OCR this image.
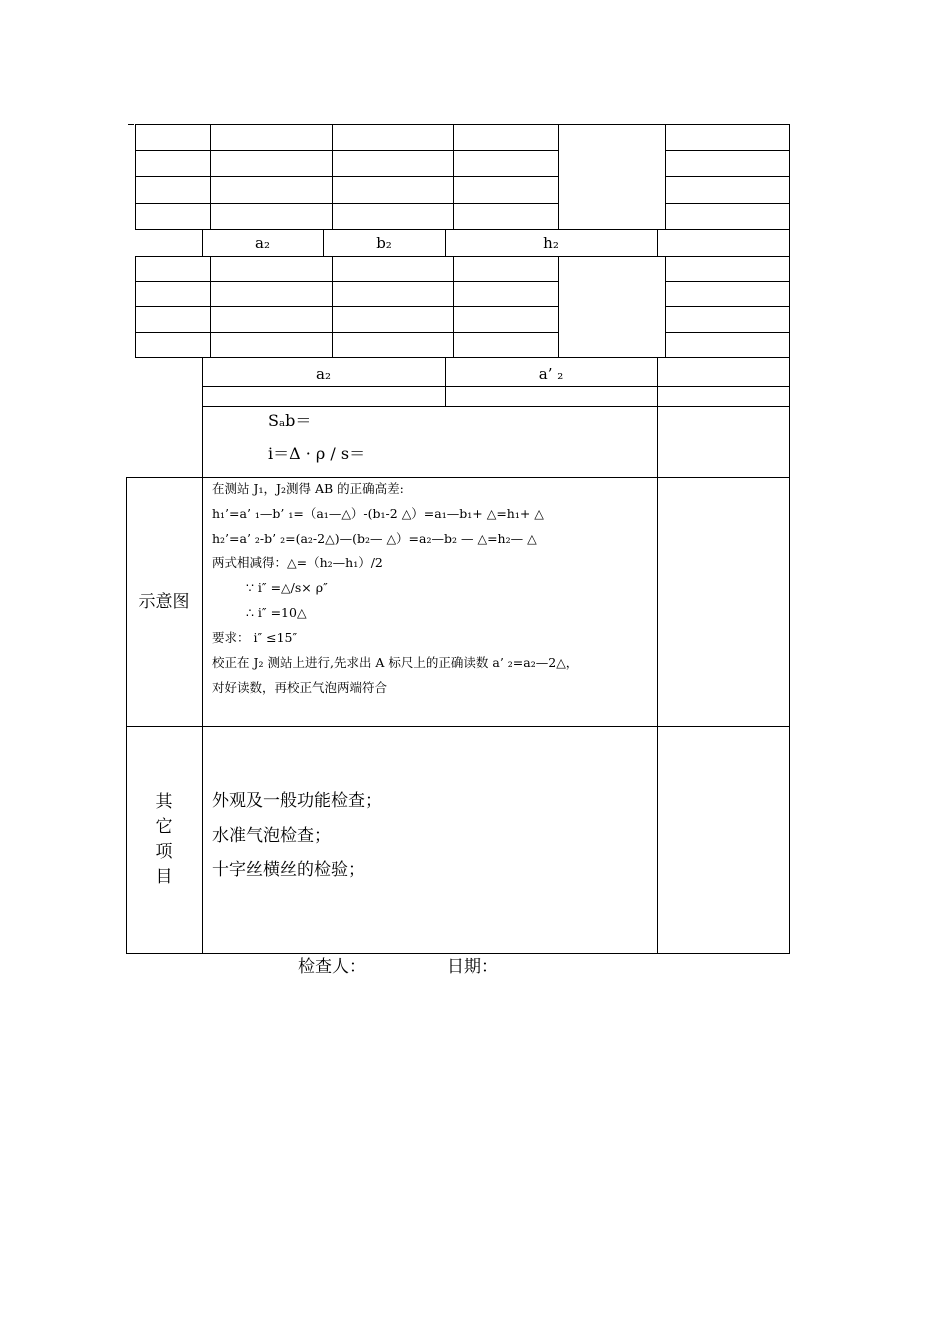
a₂	b₂	h₂
a₂	a’ ₂
Sₐb＝
i＝Δ · ρ / s＝
示意图
在测站 J₁，J₂测得 AB 的正确高差:
h₁’=a’ ₁—b’ ₁=（a₁—△）-(b₁-2 △）=a₁—b₁+ △=h₁+ △
h₂’=a’ ₂-b’ ₂=(a₂-2△)—(b₂— △）=a₂—b₂ — △=h₂— △
两式相减得：△=（h₂—h₁）/2
∵ i″ =△/s× ρ″
∴ i″ =10△
要求： i″ ≤15″
校正在 J₂ 测站上进行,先求出 A 标尺上的正确读数 a’ ₂=a₂—2△，
对好读数，再校正气泡两端符合
其
它
项
目
外观及一般功能检查；
水准气泡检查；
十字丝横丝的检验；
检查人：	日期：
